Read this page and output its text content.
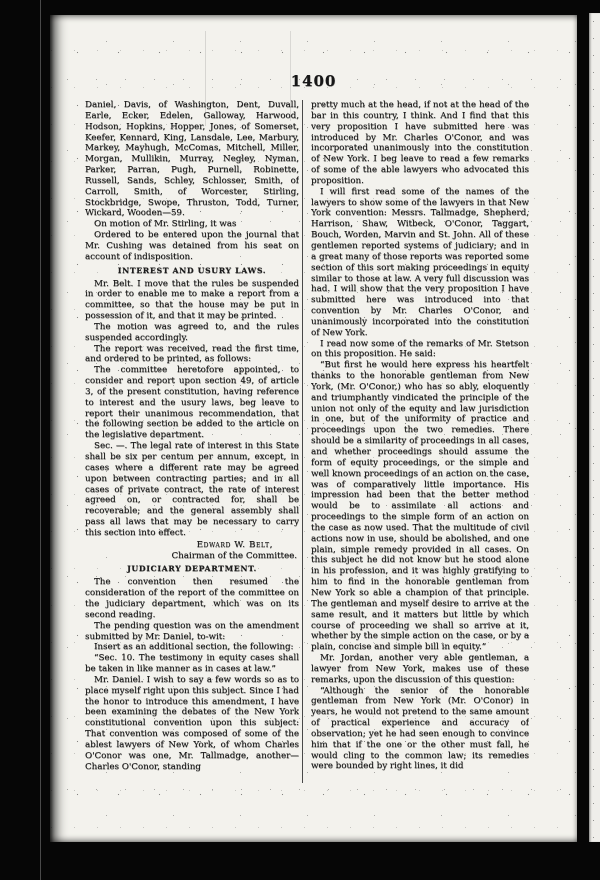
1400

Daniel, Davis, of Washington, Dent, Duvall, Earle, Ecker, Edelen, Galloway, Harwood, Hodson, Hopkins, Hopper, Jones, of Somerset, Keefer, Kennard, King, Lansdale, Lee, Marbury, Markey, Mayhugh, McComas, Mitchell, Miller, Morgan, Mullikin, Murray, Negley, Nyman, Parker, Parran, Pugh, Purnell, Robinette, Russell, Sands, Schley, Schlosser, Smith, of Carroll, Smith, of Worcester, Stirling, Stockbridge, Swope, Thruston, Todd, Turner, Wickard, Wooden—59.

On motion of Mr. Stirling, it was

Ordered to be entered upon the journal that Mr. Cushing was detained from his seat on account of indisposition.

INTEREST AND USURY LAWS.

Mr. Belt. I move that the rules be suspended in order to enable me to make a report from a committee, so that the house may be put in possession of it, and that it may be printed.

The motion was agreed to, and the rules suspended accordingly.

The report was received, read the first time, and ordered to be printed, as follows:

The committee heretofore appointed, to consider and report upon section 49, of article 3, of the present constitution, having reference to interest and the usury laws, beg leave to report their unanimous recommendation, that the following section be added to the article on the legislative department.

Sec. —. The legal rate of interest in this State shall be six per centum per annum, except, in cases where a different rate may be agreed upon between contracting parties; and in all cases of private contract, the rate of interest agreed on, or contracted for, shall be recoverable; and the general assembly shall pass all laws that may be necessary to carry this section into effect.

Edward W. Belt,
Chairman of the Committee.
JUDICIARY DEPARTMENT.

The convention then resumed the consideration of the report of the committee on the judiciary department, which was on its second reading.

The pending question was on the amendment submitted by Mr. Daniel, to-wit:

Insert as an additional section, the following:

“Sec. 10. The testimony in equity cases shall be taken in like manner as in cases at law.”

Mr. Daniel. I wish to say a few words so as to place myself right upon this subject. Since I had the honor to introduce this amendment, I have been examining the debates of the New York constitutional convention upon this subject: That convention was composed of some of the ablest lawyers of New York, of whom Charles O'Conor was one, Mr. Tallmadge, another—Charles O'Conor, standing

pretty much at the head, if not at the head of the bar in this country, I think. And I find that this very proposition I have submitted here was introduced by Mr. Charles O'Conor, and was incorporated unanimously into the constitution of New York. I beg leave to read a few remarks of some of the able lawyers who advocated this proposition.

I will first read some of the names of the lawyers to show some of the lawyers in that New York convention: Messrs. Tallmadge, Shepherd, Harrison, Shaw, Witbeck, O'Conor, Taggart, Bouch, Worden, Marvin and St. John. All of these gentlemen reported systems of judiciary; and in a great many of those reports was reported some section of this sort making proceedings in equity similar to those at law. A very full discussion was had. I will show that the very proposition I have submitted here was introduced into that convention by Mr. Charles O'Conor, and unanimously incorporated into the constitution of New York.

I read now some of the remarks of Mr. Stetson on this proposition. He said:

“But first he would here express his heartfelt thanks to the honorable gentleman from New York, (Mr. O'Conor,) who has so ably, eloquently and triumphantly vindicated the principle of the union not only of the equity and law jurisdiction in one, but of the uniformity of practice and proceedings upon the two remedies. There should be a similarity of proceedings in all cases, and whether proceedings should assume the form of equity proceedings, or the simple and well known proceedings of an action on the case, was of comparatively little importance. His impression had been that the better method would be to assimilate all actions and proceedings to the simple form of an action on the case as now used. That the multitude of civil actions now in use, should be abolished, and one plain, simple remedy provided in all cases. On this subject he did not know but he stood alone in his profession, and it was highly gratifying to him to find in the honorable gentleman from New York so able a champion of that principle. The gentleman and myself desire to arrive at the same result, and it matters but little by which course of proceeding we shall so arrive at it, whether by the simple action on the case, or by a plain, concise and simple bill in equity.”

Mr. Jordan, another very able gentleman, a lawyer from New York, makes use of these remarks, upon the discussion of this question:

“Although the senior of the honorable gentleman from New York (Mr. O'Conor) in years, he would not pretend to the same amount of practical experience and accuracy of observation; yet he had seen enough to convince him that if the one or the other must fall, he would cling to the common law; its remedies were bounded by right lines, it did
